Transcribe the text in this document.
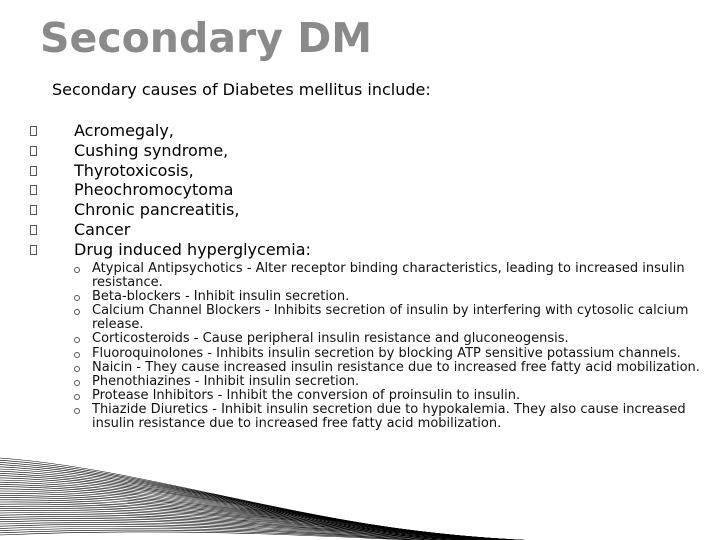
Secondary DM
Secondary causes of Diabetes mellitus include:
Acromegaly,
Cushing syndrome,
Thyrotoxicosis,
Pheochromocytoma
Chronic pancreatitis,
Cancer
Drug induced hyperglycemia:
Atypical Antipsychotics - Alter receptor binding characteristics, leading to increased insulin resistance.
Beta-blockers - Inhibit insulin secretion.
Calcium Channel Blockers - Inhibits secretion of insulin by interfering with cytosolic calcium release.
Corticosteroids - Cause peripheral insulin resistance and gluconeogensis.
Fluoroquinolones - Inhibits insulin secretion by blocking ATP sensitive potassium channels.
Naicin - They cause increased insulin resistance due to increased free fatty acid mobilization.
Phenothiazines - Inhibit insulin secretion.
Protease Inhibitors - Inhibit the conversion of proinsulin to insulin.
Thiazide Diuretics - Inhibit insulin secretion due to hypokalemia. They also cause increased insulin resistance due to increased free fatty acid mobilization.
